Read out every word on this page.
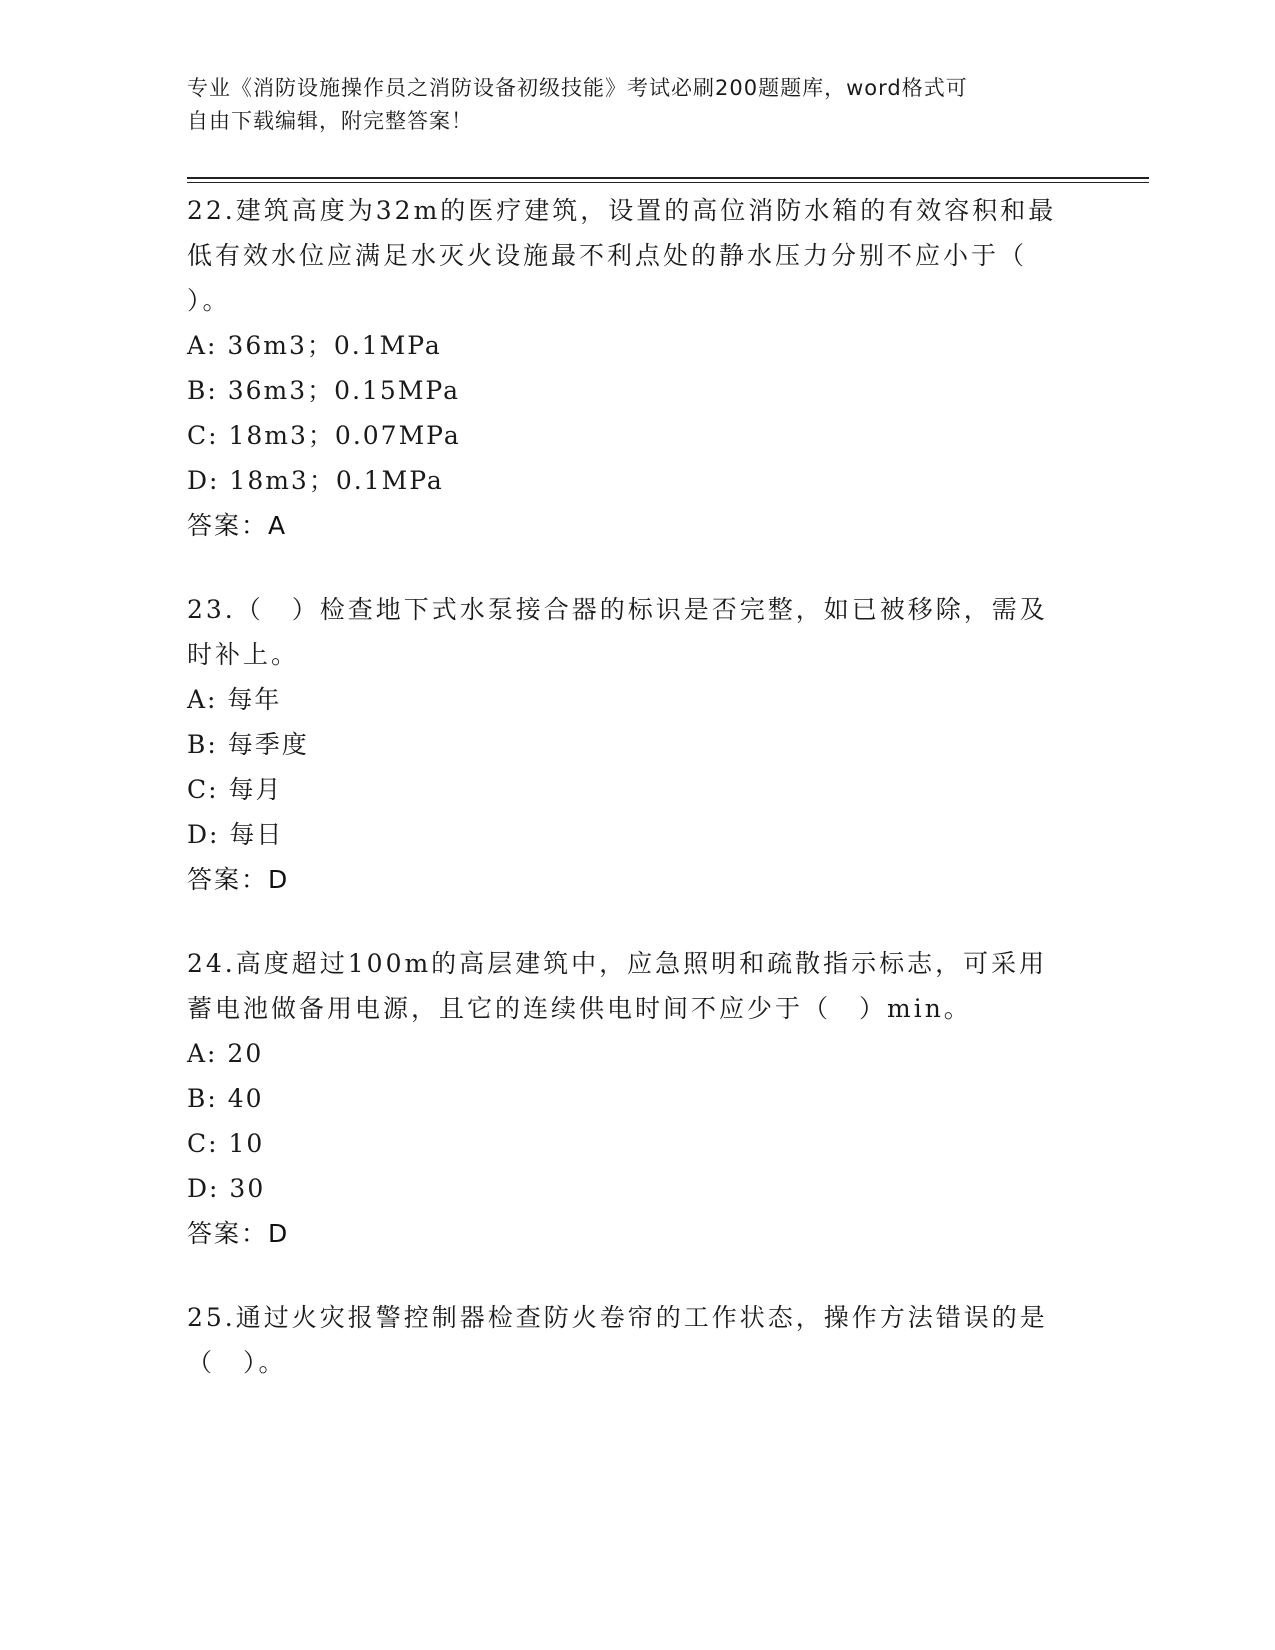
专业《消防设施操作员之消防设备初级技能》考试必刷200题题库，word格式可
自由下载编辑，附完整答案！
22.建筑高度为32m的医疗建筑，设置的高位消防水箱的有效容积和最
低有效水位应满足水灭火设施最不利点处的静水压力分别不应小于（
）。
A: 36m3；0.1MPa
B: 36m3；0.15MPa
C: 18m3；0.07MPa
D: 18m3；0.1MPa
答案：A
23.（　）检查地下式水泵接合器的标识是否完整，如已被移除，需及
时补上。
A: 每年
B: 每季度
C: 每月
D: 每日
答案：D
24.高度超过100m的高层建筑中，应急照明和疏散指示标志，可采用
蓄电池做备用电源，且它的连续供电时间不应少于（　）min。
A: 20
B: 40
C: 10
D: 30
答案：D
25.通过火灾报警控制器检查防火卷帘的工作状态，操作方法错误的是
（　）。
